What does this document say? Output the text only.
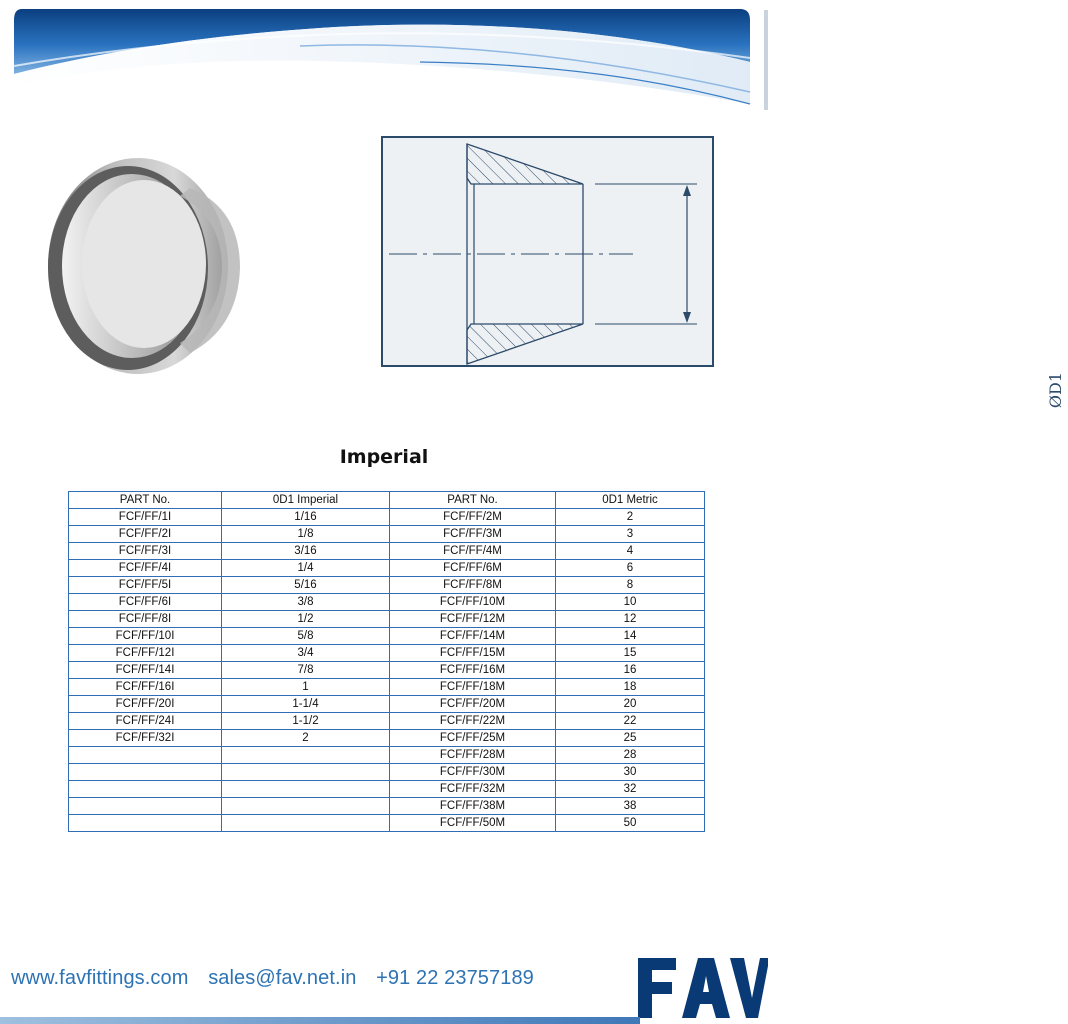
ØD1
Imperial
PART No.	0D1 Imperial	PART No.	0D1 Metric
FCF/FF/1I	1/16	FCF/FF/2M	2
FCF/FF/2I	1/8	FCF/FF/3M	3
FCF/FF/3I	3/16	FCF/FF/4M	4
FCF/FF/4I	1/4	FCF/FF/6M	6
FCF/FF/5I	5/16	FCF/FF/8M	8
FCF/FF/6I	3/8	FCF/FF/10M	10
FCF/FF/8I	1/2	FCF/FF/12M	12
FCF/FF/10I	5/8	FCF/FF/14M	14
FCF/FF/12I	3/4	FCF/FF/15M	15
FCF/FF/14I	7/8	FCF/FF/16M	16
FCF/FF/16I	1	FCF/FF/18M	18
FCF/FF/20I	1-1/4	FCF/FF/20M	20
FCF/FF/24I	1-1/2	FCF/FF/22M	22
FCF/FF/32I	2	FCF/FF/25M	25
		FCF/FF/28M	28
		FCF/FF/30M	30
		FCF/FF/32M	32
		FCF/FF/38M	38
		FCF/FF/50M	50
www.favfittings.com sales@fav.net.in +91 22 23757189
